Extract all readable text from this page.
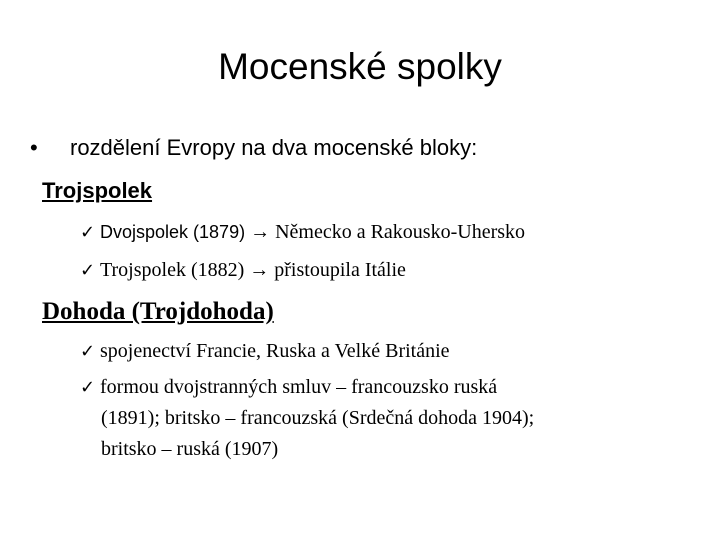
Mocenské spolky
• rozdělení Evropy na dva mocenské bloky:
Trojspolek
✓ Dvojspolek (1879) → Německo a Rakousko-Uhersko
✓ Trojspolek (1882) → přistoupila Itálie
Dohoda (Trojdohoda)
✓ spojenectví Francie, Ruska a Velké Británie
✓ formou dvojstranných smluv – francouzsko ruská
(1891); britsko – francouzská (Srdečná dohoda 1904);
britsko – ruská (1907)
